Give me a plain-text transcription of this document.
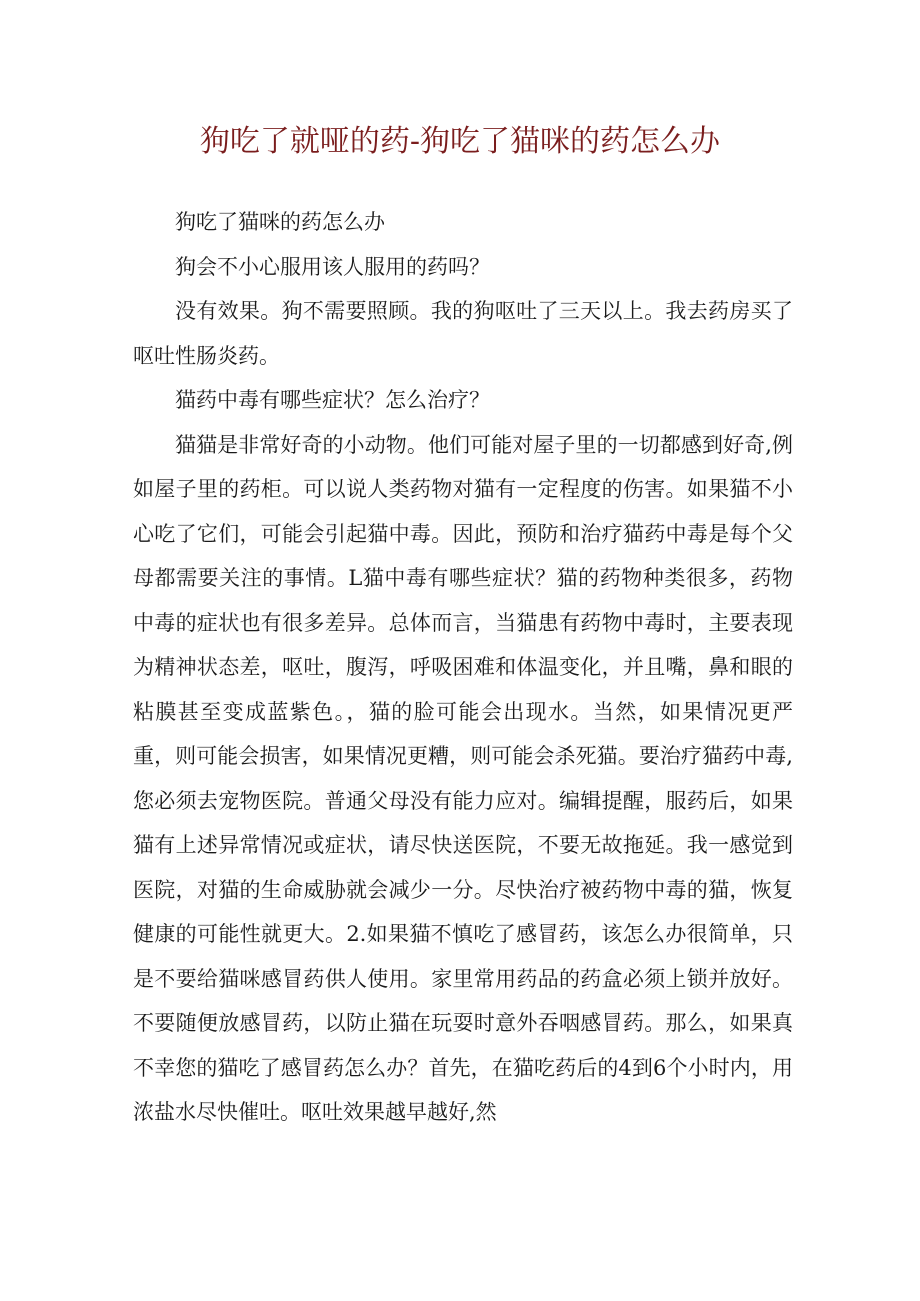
狗吃了就哑的药-狗吃了猫咪的药怎么办

狗吃了猫咪的药怎么办

狗会不小心服用该人服用的药吗？

没有效果。狗不需要照顾。我的狗呕吐了三天以上。我去药房买了呕吐性肠炎药。

猫药中毒有哪些症状？怎么治疗？

猫猫是非常好奇的小动物。他们可能对屋子里的一切都感到好奇,例如屋子里的药柜。可以说人类药物对猫有一定程度的伤害。如果猫不小心吃了它们，可能会引起猫中毒。因此，预防和治疗猫药中毒是每个父母都需要关注的事情。L猫中毒有哪些症状？猫的药物种类很多，药物中毒的症状也有很多差异。总体而言，当猫患有药物中毒时，主要表现为精神状态差，呕吐，腹泻，呼吸困难和体温变化，并且嘴，鼻和眼的粘膜甚至变成蓝紫色。，猫的脸可能会出现水。当然，如果情况更严重，则可能会损害，如果情况更糟，则可能会杀死猫。要治疗猫药中毒,您必须去宠物医院。普通父母没有能力应对。编辑提醒，服药后，如果猫有上述异常情况或症状，请尽快送医院，不要无故拖延。我一感觉到医院，对猫的生命威胁就会减少一分。尽快治疗被药物中毒的猫，恢复健康的可能性就更大。2.如果猫不慎吃了感冒药，该怎么办很简单，只是不要给猫咪感冒药供人使用。家里常用药品的药盒必须上锁并放好。不要随便放感冒药，以防止猫在玩耍时意外吞咽感冒药。那么，如果真不幸您的猫吃了感冒药怎么办？首先，在猫吃药后的4到6个小时内，用浓盐水尽快催吐。呕吐效果越早越好,然
